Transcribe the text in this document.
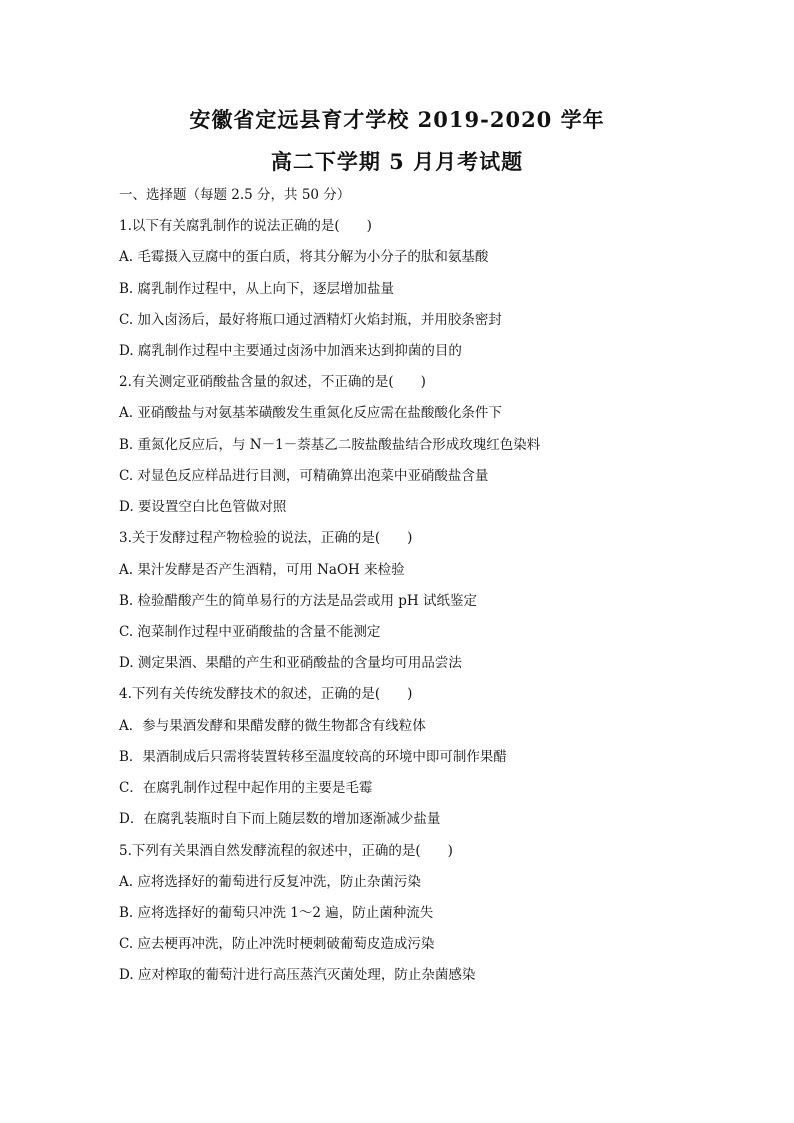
安徽省定远县育才学校 2019-2020 学年
高二下学期 5 月月考试题
一、选择题（每题 2.5 分，共 50 分）
1.以下有关腐乳制作的说法正确的是(　　)
A. 毛霉摄入豆腐中的蛋白质，将其分解为小分子的肽和氨基酸
B. 腐乳制作过程中，从上向下，逐层增加盐量
C. 加入卤汤后，最好将瓶口通过酒精灯火焰封瓶，并用胶条密封
D. 腐乳制作过程中主要通过卤汤中加酒来达到抑菌的目的
2.有关测定亚硝酸盐含量的叙述，不正确的是(　　)
A. 亚硝酸盐与对氨基苯磺酸发生重氮化反应需在盐酸酸化条件下
B. 重氮化反应后，与 N－1－萘基乙二胺盐酸盐结合形成玫瑰红色染料
C. 对显色反应样品进行目测，可精确算出泡菜中亚硝酸盐含量
D. 要设置空白比色管做对照
3.关于发酵过程产物检验的说法，正确的是(　　)
A. 果汁发酵是否产生酒精，可用 NaOH 来检验
B. 检验醋酸产生的简单易行的方法是品尝或用 pH 试纸鉴定
C. 泡菜制作过程中亚硝酸盐的含量不能测定
D. 测定果酒、果醋的产生和亚硝酸盐的含量均可用品尝法
4.下列有关传统发酵技术的叙述，正确的是(　　)
A．参与果酒发酵和果醋发酵的微生物都含有线粒体
B．果酒制成后只需将装置转移至温度较高的环境中即可制作果醋
C．在腐乳制作过程中起作用的主要是毛霉
D．在腐乳装瓶时自下而上随层数的增加逐渐减少盐量
5.下列有关果酒自然发酵流程的叙述中，正确的是(　　)
A. 应将选择好的葡萄进行反复冲洗，防止杂菌污染
B. 应将选择好的葡萄只冲洗 1～2 遍，防止菌种流失
C. 应去梗再冲洗，防止冲洗时梗刺破葡萄皮造成污染
D. 应对榨取的葡萄汁进行高压蒸汽灭菌处理，防止杂菌感染
